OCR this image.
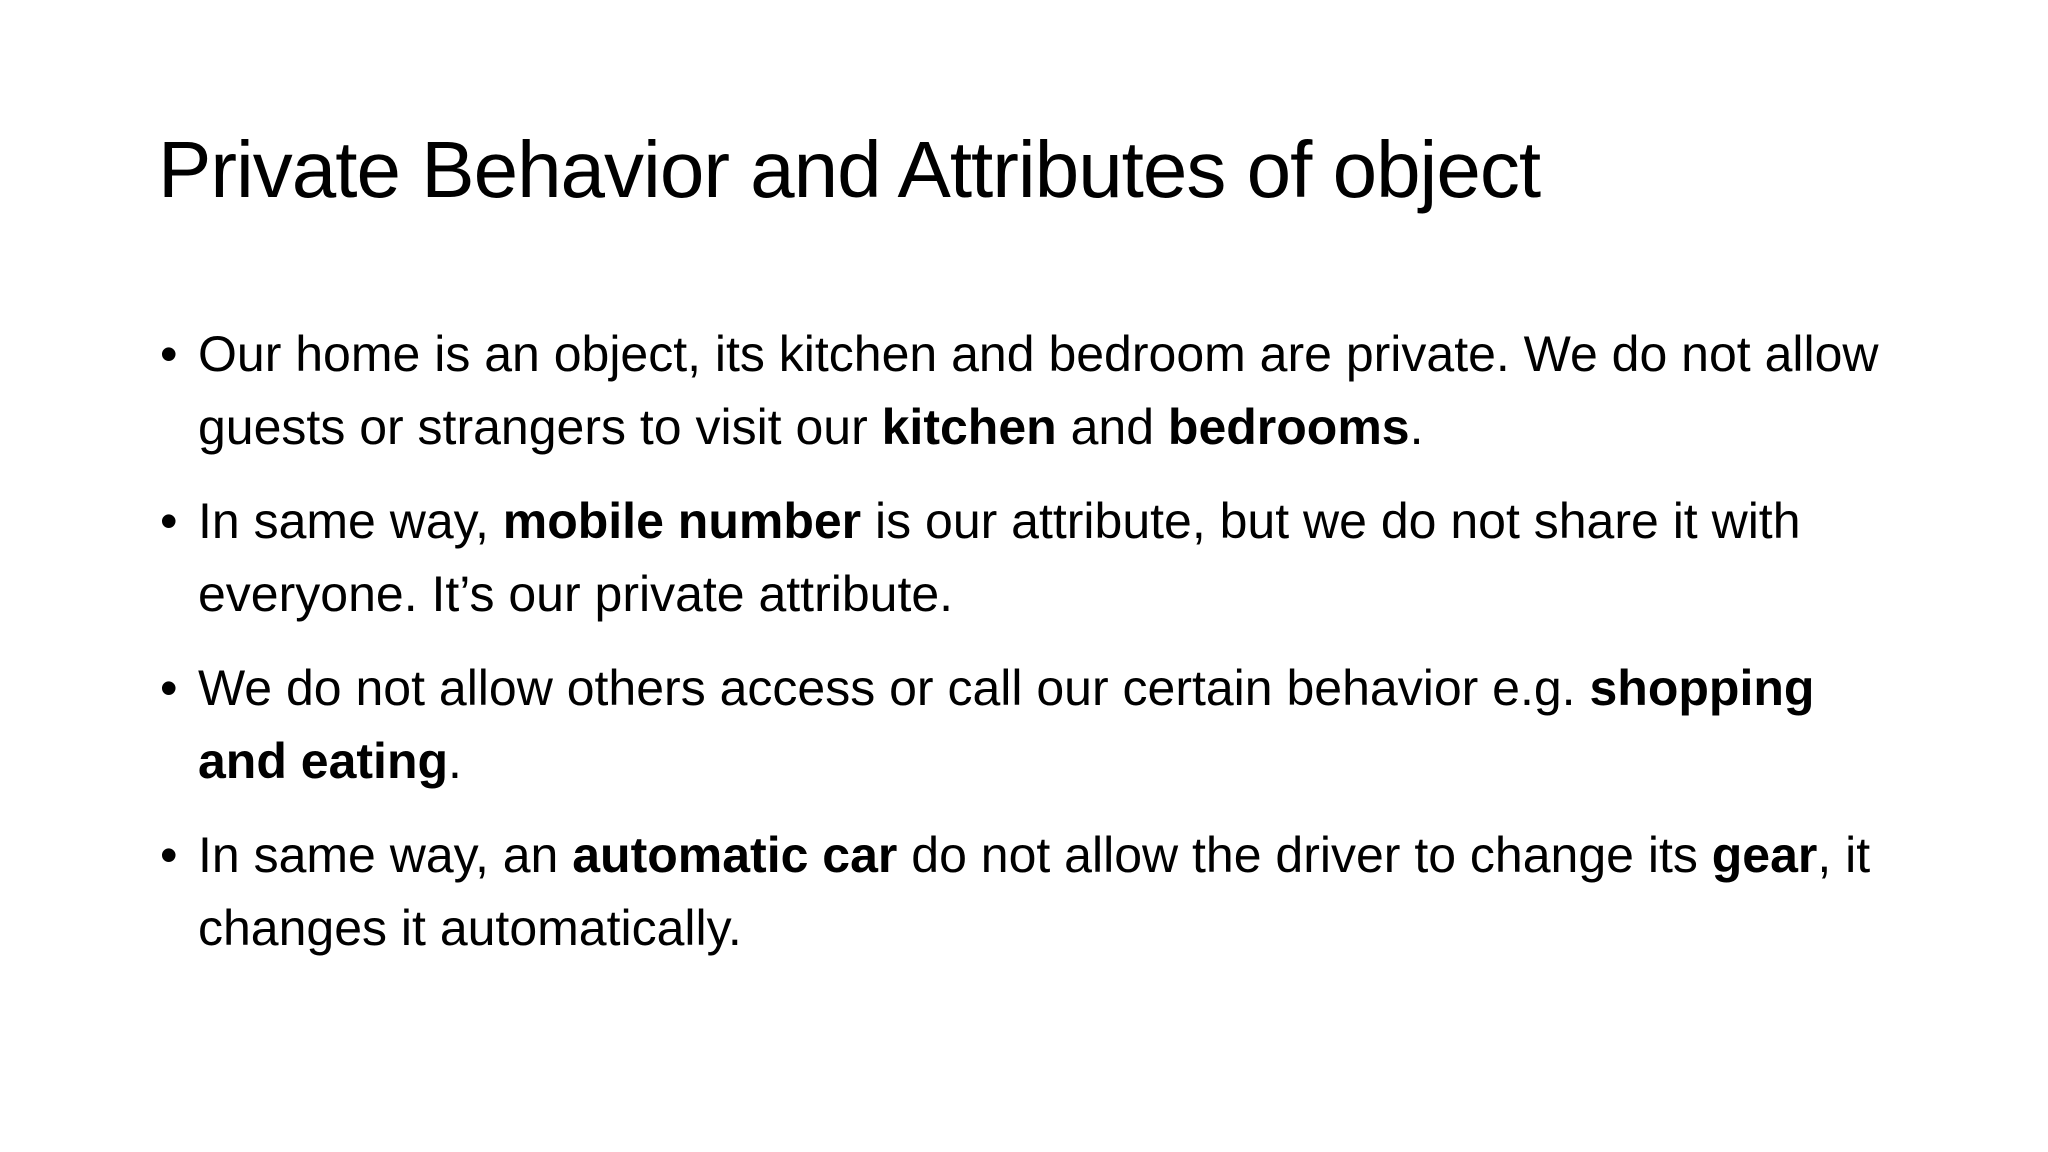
Private Behavior and Attributes of object
• Our home is an object, its kitchen and bedroom are private. We do not allow guests or strangers to visit our kitchen and bedrooms.
• In same way, mobile number is our attribute, but we do not share it with everyone. It’s our private attribute.
• We do not allow others access or call our certain behavior e.g. shopping and eating.
• In same way, an automatic car do not allow the driver to change its gear, it changes it automatically.
